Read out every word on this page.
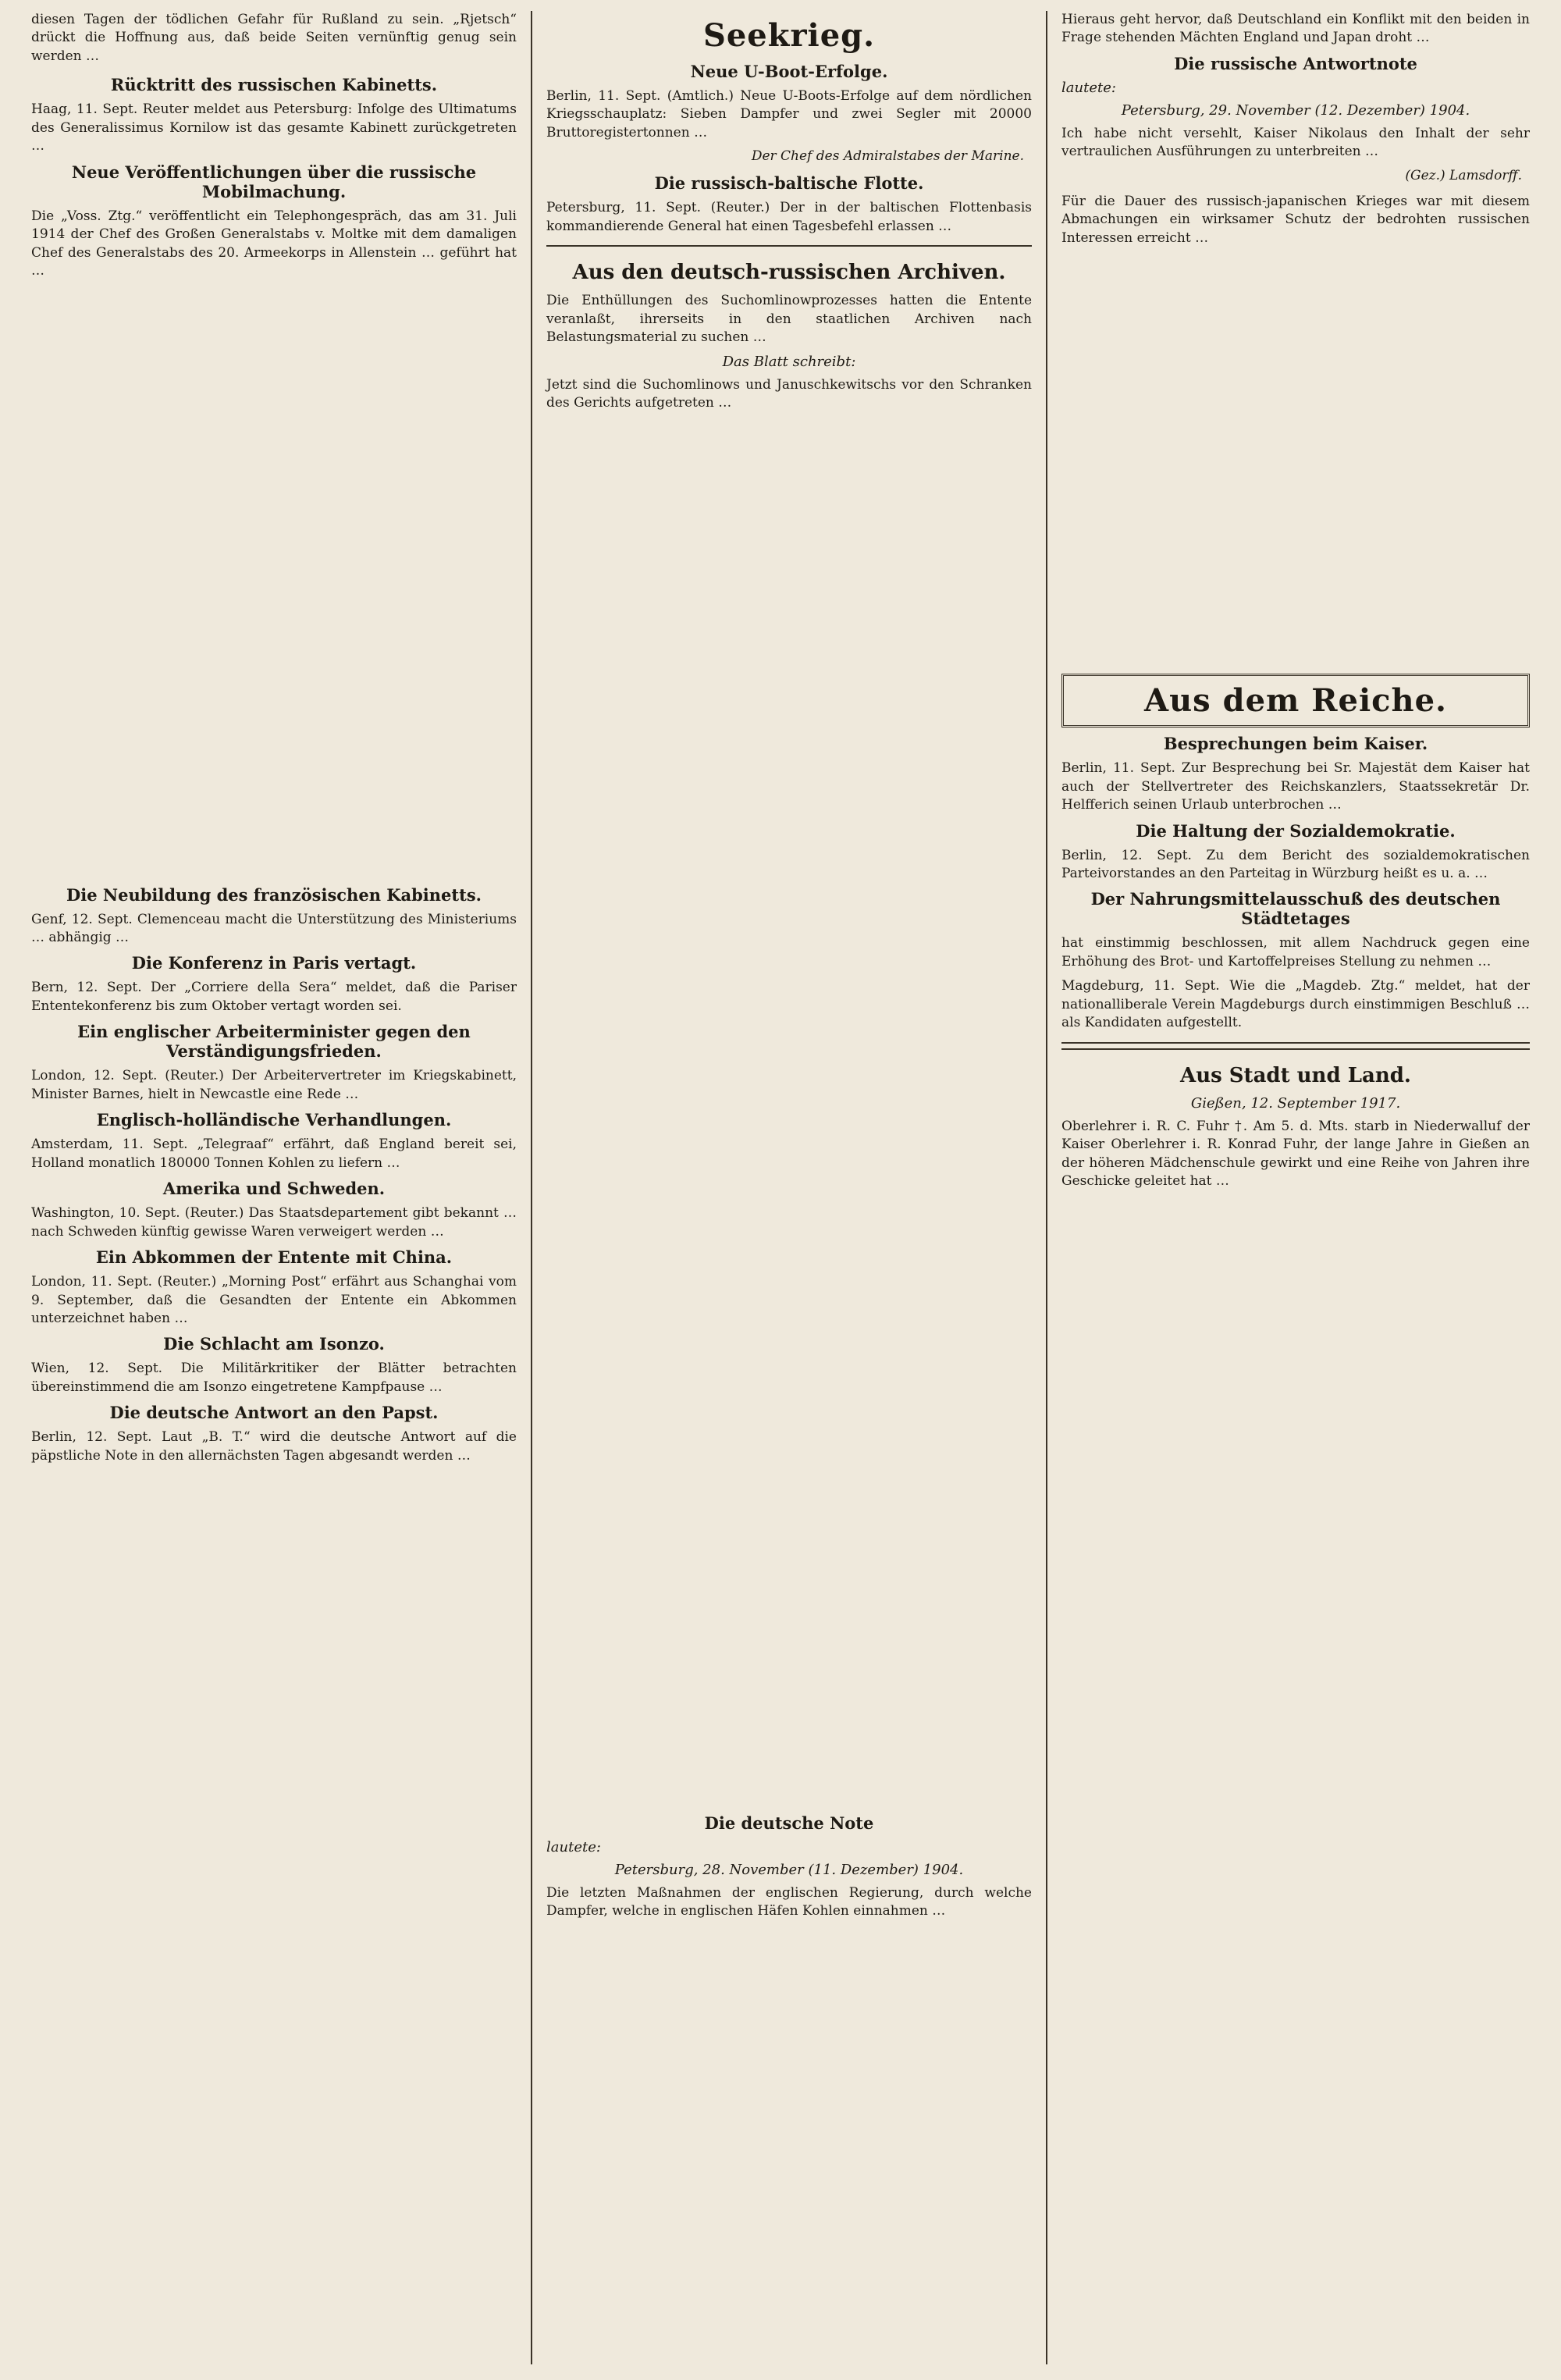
diesen Tagen der tödlichen Gefahr für Rußland zu sein. „Rjetsch“ drückt die Hoffnung aus, daß beide Seiten vernünftig genug sein werden …

Rücktritt des russischen Kabinetts.

Haag, 11. Sept. Reuter meldet aus Petersburg: Infolge des Ultimatums des Generalissimus Kornilow ist das gesamte Kabinett zurückgetreten …

Neue Veröffentlichungen über die russische Mobilmachung.

Die „Voss. Ztg.“ veröffentlicht ein Telephongespräch, das am 31. Juli 1914 der Chef des Großen Generalstabs v. Moltke mit dem damaligen Chef des Generalstabs des 20. Armeekorps in Allenstein … geführt hat …

Die Neubildung des französischen Kabinetts.

Genf, 12. Sept. Clemenceau macht die Unterstützung des Ministeriums … abhängig …

Die Konferenz in Paris vertagt.

Bern, 12. Sept. Der „Corriere della Sera“ meldet, daß die Pariser Ententekonferenz bis zum Oktober vertagt worden sei.

Ein englischer Arbeiterminister gegen den Verständigungsfrieden.

London, 12. Sept. (Reuter.) Der Arbeitervertreter im Kriegskabinett, Minister Barnes, hielt in Newcastle eine Rede …

Englisch-holländische Verhandlungen.

Amsterdam, 11. Sept. „Telegraaf“ erfährt, daß England bereit sei, Holland monatlich 180000 Tonnen Kohlen zu liefern …

Amerika und Schweden.

Washington, 10. Sept. (Reuter.) Das Staatsdepartement gibt bekannt … nach Schweden künftig gewisse Waren verweigert werden …

Ein Abkommen der Entente mit China.

London, 11. Sept. (Reuter.) „Morning Post“ erfährt aus Schanghai vom 9. September, daß die Gesandten der Entente ein Abkommen unterzeichnet haben …

Die Schlacht am Isonzo.

Wien, 12. Sept. Die Militärkritiker der Blätter betrachten übereinstimmend die am Isonzo eingetretene Kampfpause …

Die deutsche Antwort an den Papst.

Berlin, 12. Sept. Laut „B. T.“ wird die deutsche Antwort auf die päpstliche Note in den allernächsten Tagen abgesandt werden …

Seekrieg.
Neue U-Boot-Erfolge.

Berlin, 11. Sept. (Amtlich.) Neue U-Boots-Erfolge auf dem nördlichen Kriegsschauplatz: Sieben Dampfer und zwei Segler mit 20000 Bruttoregistertonnen …

Der Chef des Admiralstabes der Marine.
Die russisch-baltische Flotte.

Petersburg, 11. Sept. (Reuter.) Der in der baltischen Flottenbasis kommandierende General hat einen Tagesbefehl erlassen …

Aus den deutsch-russischen Archiven.

Die Enthüllungen des Suchomlinowprozesses hatten die Entente veranlaßt, ihrerseits in den staatlichen Archiven nach Belastungsmaterial zu suchen …

Das Blatt schreibt:

Jetzt sind die Suchomlinows und Januschkewitschs vor den Schranken des Gerichts aufgetreten …

Die deutsche Note
lautete:
Petersburg, 28. November (11. Dezember) 1904.

Die letzten Maßnahmen der englischen Regierung, durch welche Dampfer, welche in englischen Häfen Kohlen einnahmen …

Hieraus geht hervor, daß Deutschland ein Konflikt mit den beiden in Frage stehenden Mächten England und Japan droht …

Die russische Antwortnote
lautete:
Petersburg, 29. November (12. Dezember) 1904.

Ich habe nicht versehlt, Kaiser Nikolaus den Inhalt der sehr vertraulichen Ausführungen zu unterbreiten …

(Gez.) Lamsdorff.

Für die Dauer des russisch-japanischen Krieges war mit diesem Abmachungen ein wirksamer Schutz der bedrohten russischen Interessen erreicht …

Aus dem Reiche.
Besprechungen beim Kaiser.

Berlin, 11. Sept. Zur Besprechung bei Sr. Majestät dem Kaiser hat auch der Stellvertreter des Reichskanzlers, Staatssekretär Dr. Helfferich seinen Urlaub unterbrochen …

Die Haltung der Sozialdemokratie.

Berlin, 12. Sept. Zu dem Bericht des sozialdemokratischen Parteivorstandes an den Parteitag in Würzburg heißt es u. a. …

Der Nahrungsmittelausschuß des deutschen Städtetages

hat einstimmig beschlossen, mit allem Nachdruck gegen eine Erhöhung des Brot- und Kartoffelpreises Stellung zu nehmen …

Magdeburg, 11. Sept. Wie die „Magdeb. Ztg.“ meldet, hat der nationalliberale Verein Magdeburgs durch einstimmigen Beschluß … als Kandidaten aufgestellt.

Aus Stadt und Land.
Gießen, 12. September 1917.

Oberlehrer i. R. C. Fuhr †. Am 5. d. Mts. starb in Niederwalluf der Kaiser Oberlehrer i. R. Konrad Fuhr, der lange Jahre in Gießen an der höheren Mädchenschule gewirkt und eine Reihe von Jahren ihre Geschicke geleitet hat …
